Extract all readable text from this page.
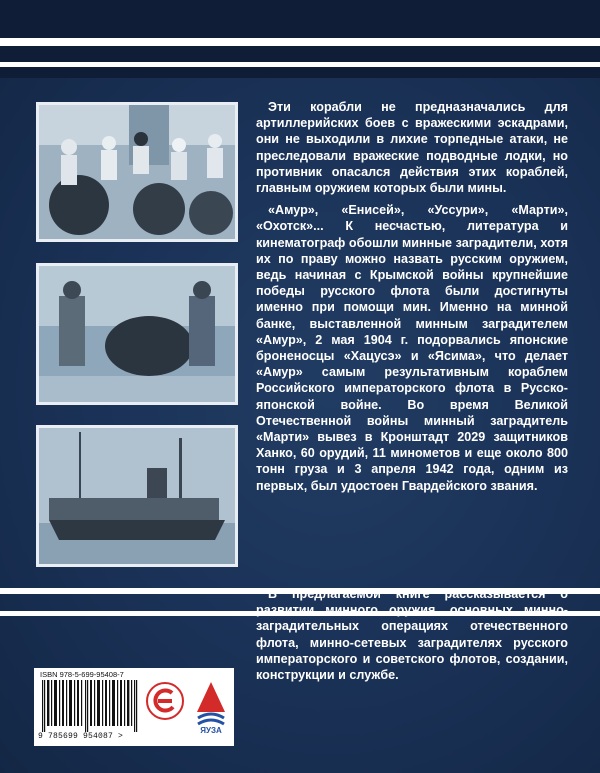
Эти корабли не предназначались для артиллерийских боев с вражескими эскадрами, они не выходили в лихие торпедные атаки, не преследовали вражеские подводные лодки, но противник опасался действия этих кораблей, главным оружием которых были мины.

«Амур», «Енисей», «Уссури», «Марти», «Охотск»... К несчастью, литература и кинематограф обошли минные заградители, хотя их по праву можно назвать русским оружием, ведь начиная с Крымской войны крупнейшие победы русского флота были достигнуты именно при помощи мин. Именно на минной банке, выставленной минным заградителем «Амур», 2 мая 1904 г. подорвались японские броненосцы «Хацусэ» и «Ясима», что делает «Амур» самым результативным кораблем Российского императорского флота в Русско-японской войне. Во время Великой Отечественной войны минный заградитель «Марти» вывез в Кронштадт 2029 защитников Ханко, 60 орудий, 11 минометов и еще около 800 тонн груза и 3 апреля 1942 года, одним из первых, был удостоен Гвардейского звания.

В предлагаемой книге рассказывается о развитии минного оружия, основных минно-заградительных операциях отечественного флота, минно-сетевых заградителях русского императорского и советского флотов, создании, конструкции и службе.

ISBN 978-5-699-95408-7
9 785699 954087 >
ЯУЗА
